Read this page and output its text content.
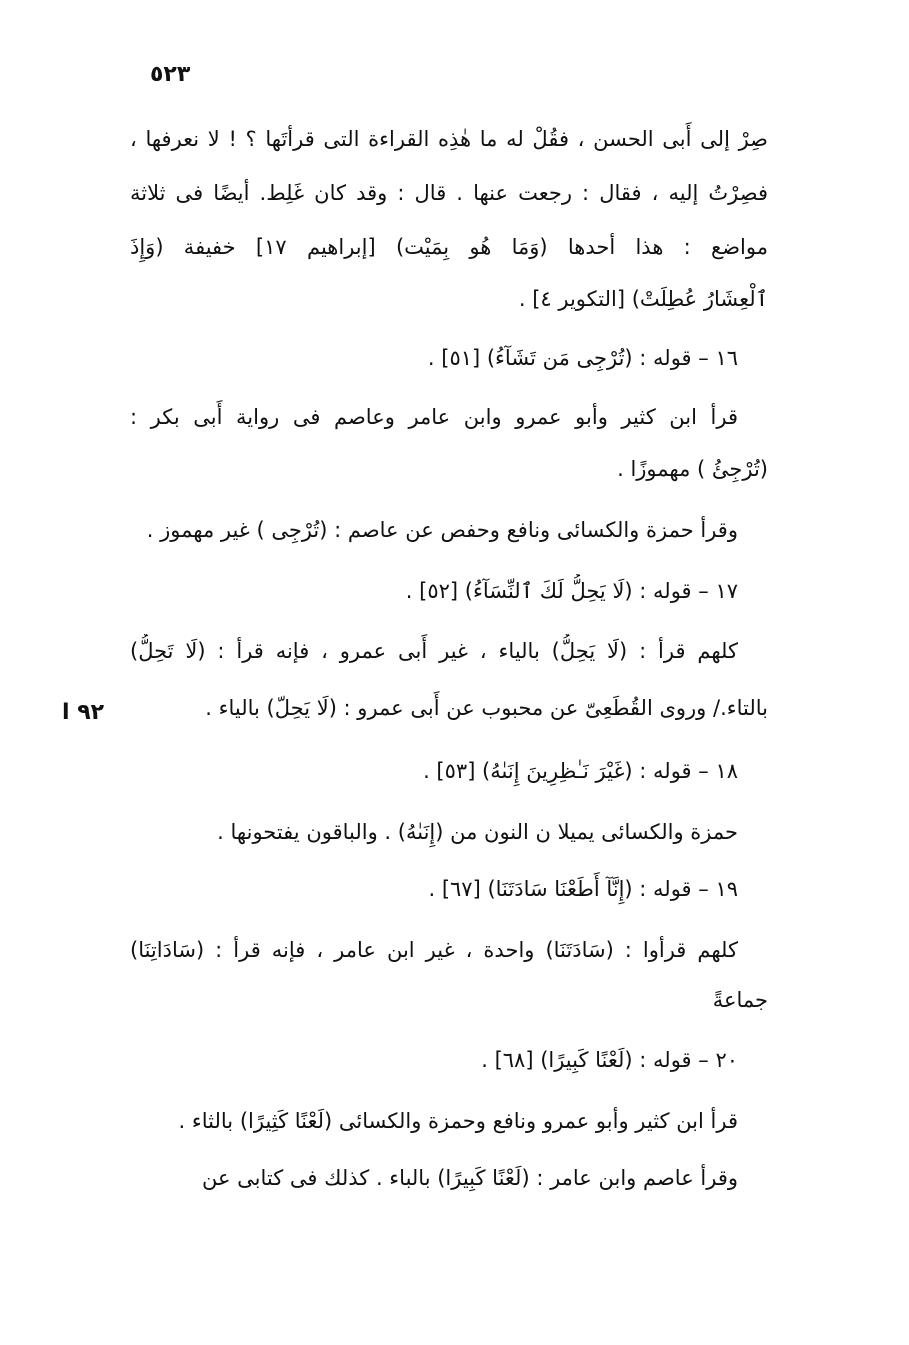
٥٢٣
٩٢ ا
صِرْ إلى أَبى الحسن ، فقُلْ له ما هٰذِه القراءة التى قرأتَها ؟ ! لا نعرفها ،
فصِرْتُ إليه ، فقال : رجعت عنها . قال : وقد كان غَلِط. أيضًا فى ثلاثة
مواضع : هذا أحدها (وَمَا هُو بِمَيْت) [إبراهيم ١٧] خفيفة (وَإِذَ
ٱلْعِشَارُ عُطِلَتْ) [التكوير ٤] .
١٦ – قوله : (تُرْجِى مَن تَشَآءُ) [٥١] .
قرأ ابن كثير وأبو عمرو وابن عامر وعاصم فى رواية أَبى بكر :
(تُرْجِئُ ) مهموزًا .
وقرأ حمزة والكسائى ونافع وحفص عن عاصم : (تُرْجِى ) غير مهموز .
١٧ – قوله : (لَا يَحِلُّ لَكَ ٱلنِّسَآءُ) [٥٢] .
كلهم قرأ : (لَا يَحِلُّ) بالياء ، غير أَبى عمرو ، فإنه قرأ : (لَا تَحِلُّ)
بالتاء./ وروى القُطَعِىّ عن محبوب عن أَبى عمرو : (لَا يَحِلّ) بالياء .
١٨ – قوله : (غَيْرَ نَـٰظِرِينَ إِنَىٰهُ) [٥٣] .
حمزة والكسائى يميلا ن النون من (إِنَىٰهُ) . والباقون يفتحونها .
١٩ – قوله : (إِنَّآ أَطَعْنَا سَادَتَنَا) [٦٧] .
كلهم قرأوا : (سَادَتَنَا) واحدة ، غير ابن عامر ، فإنه قرأ : (سَادَاتِنَا)
جماعةً
٢٠ – قوله : (لَعْنًا كَبِيرًا) [٦٨] .
قرأ ابن كثير وأبو عمرو ونافع وحمزة والكسائى (لَعْنًا كَثِيرًا) بالثاء .
وقرأ عاصم وابن عامر : (لَعْنًا كَبِيرًا) بالباء . كذلك فى كتابى عن
